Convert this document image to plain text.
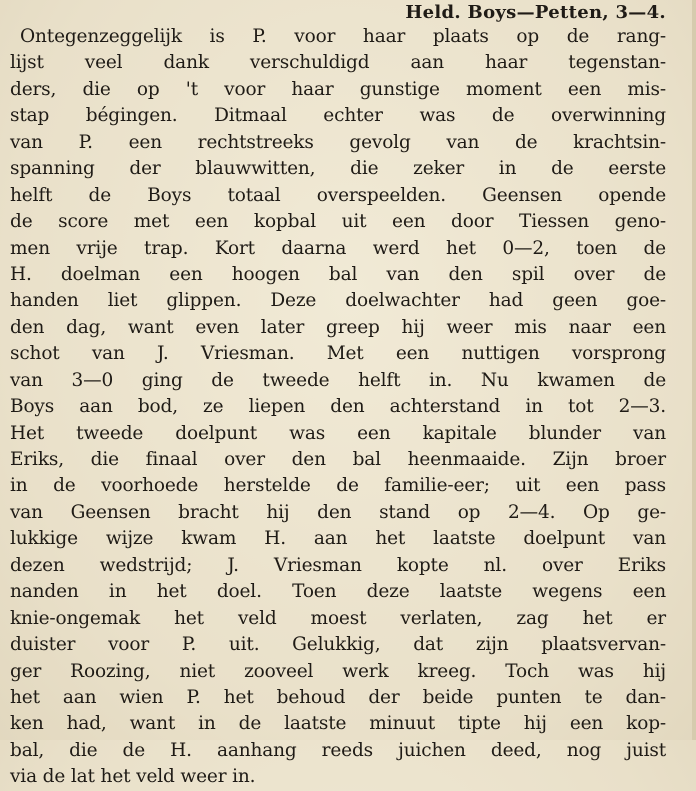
Held. Boys—Petten, 3—4.
Ontegenzeggelijk is P. voor haar plaats op de rang-
lijst veel dank verschuldigd aan haar tegenstan-
ders, die op 't voor haar gunstige moment een mis-
stap bégingen. Ditmaal echter was de overwinning
van P. een rechtstreeks gevolg van de krachtsin-
spanning der blauwwitten, die zeker in de eerste
helft de Boys totaal overspeelden. Geensen opende
de score met een kopbal uit een door Tiessen geno-
men vrije trap. Kort daarna werd het 0—2, toen de
H. doelman een hoogen bal van den spil over de
handen liet glippen. Deze doelwachter had geen goe-
den dag, want even later greep hij weer mis naar een
schot van J. Vriesman. Met een nuttigen vorsprong
van 3—0 ging de tweede helft in. Nu kwamen de
Boys aan bod, ze liepen den achterstand in tot 2—3.
Het tweede doelpunt was een kapitale blunder van
Eriks, die finaal over den bal heenmaaide. Zijn broer
in de voorhoede herstelde de familie-eer; uit een pass
van Geensen bracht hij den stand op 2—4. Op ge-
lukkige wijze kwam H. aan het laatste doelpunt van
dezen wedstrijd; J. Vriesman kopte nl. over Eriks
nanden in het doel. Toen deze laatste wegens een
knie-ongemak het veld moest verlaten, zag het er
duister voor P. uit. Gelukkig, dat zijn plaatsvervan-
ger Roozing, niet zooveel werk kreeg. Toch was hij
het aan wien P. het behoud der beide punten te dan-
ken had, want in de laatste minuut tipte hij een kop-
bal, die de H. aanhang reeds juichen deed, nog juist
via de lat het veld weer in.
